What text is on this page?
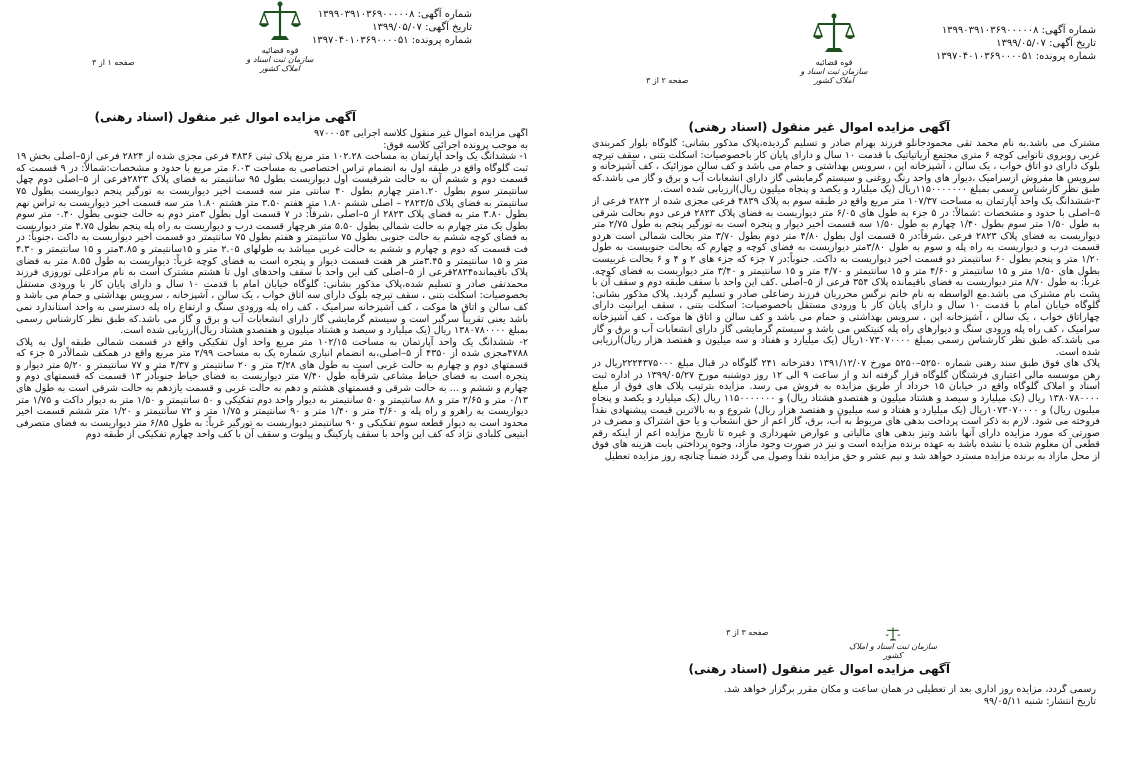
شماره آگهی: ۱۳۹۹۰۳۹۱۰۳۶۹۰۰۰۰۰۸
تاریخ آگهی: ۱۳۹۹/۰۵/۰۷
شماره پرونده: ۱۳۹۷۰۴۰۱۰۳۶۹۰۰۰۰۵۱
قوه قضائیه
سازمان ثبت اسناد و املاک کشور
صفحه ۱ از ۳
آگهی مزایده اموال غیر منقول (اسناد رهنی)

آگهی مزایده اموال غیر منقول کلاسه اجرایی ۹۷۰۰۰۵۴

به موجب پرونده اجرائی کلاسه فوق:

۱- ششدانگ یک واحد آپارتمان به مساحت ۱۰۲.۲۸ متر مربع پلاک ثبتی ۴۸۳۶ فرعی مجزی شده از ۲۸۲۴ فرعی از۵–اصلی بخش ۱۹ ثبت گلوگاه واقع در طبقه اول به انضمام تراس اختصاصی به مساحت ۶.۰۳ متر مربع با حدود و مشخصات:شمالاً: در ۹ قسمت که قسمت دوم و ششم آن به حالت شرقیست اول دیواریست بطول ۹۵ سانتیمتر به فضای پلاک ۲۸۲۳فرعی از ۵–اصلی دوم چهل سانتیمتر سوم بطول ۱.۲۰متر چهارم بطول ۴۰ سانتی متر سه قسمت اخیر دیواریست به تورگیر پنجم دیواریست بطول ۷۵ سانتیمتر به فضای پلاک ۲۸۲۳/۵ – اصلی ششم ۱.۸۰ متر هفتم ۳.۵۰ متر هشتم ۱.۸۰ متر سه قسمت اخیر دیواریست به تراس نهم بطول ۳.۸۰ متر به فضای پلاک ۲۸۲۳ از ۵–اصلی ،شرقاً: در ۷ قسمت اول بطول ۳متر دوم به حالت جنوبی بطول ۰.۴۰ متر سوم بطول یک متر چهارم به حالت شمالی بطول ۵.۵۰ متر هرچهار قسمت درب و دیواریست به راه پله پنجم بطول ۴.۷۵ متر دیواریست به فضای کوچه ششم به حالت جنوبی بطول ۷۵ سانتیمتر و هفتم بطول ۷۵ سانتیمتر دو قسمت اخیر دیواریست به داکت ،جنوباً: در فت قسمت که دوم و چهارم و ششم به حالت غربی میباشد به طولهای ۲.۰۵ متر و ۱۵سانتیمتر و ۴.۸۵متر و ۱۵ سانتیمتر و ۴.۳۰ متر و ۱۵ سانتیمتر و ۳.۴۵متر هر هفت قسمت دیوار و پنجره است به فضای کوچه غرباً: دیواریست به طول ۸.۵۵ متر به فضای پلاک باقیمانده۲۸۲۴فرعی از ۵–اصلی کف این واحد با سقف واحدهای اول تا هشتم مشترک است به نام مرادعلی توروزی فرزند محمدتقی صادر و تسلیم شده،پلاک مذکور بشانی: گلوگاه خیابان امام با قدمت ۱۰ سال و دارای پایان کار با ورودی مستقل بخصوصیات: اسکلت بتنی ، سقف تیرچه بلوک دارای سه اتاق خواب ، یک سالن ، آشپزخانه ، سرویس بهداشتی و حمام می باشد و کف سالن و اتاق ها موکت ، کف آشپزخانه سرامیک ، کف راه پله ورودی سنگ و ارتفاع راه پله دسترسی به واحد استاندارد نمی باشد یعنی تقریباً سرگیر است و سیستم گرمایشی گاز دارای انشعابات آب و برق و گاز می باشد.که طبق نظر کارشناس رسمی بمبلغ ۱۳۸۰۷۸۰۰۰۰ ریال (یک میلیارد و سیصد و هشتاد میلیون و هفتصدو هشتاد ریال)ارزیابی شده است.

۲- ششدانگ یک واحد آپارتمان به مساحت ۱۰۲/۱۵ متر مربع واحد اول تفکیکی واقع در قسمت شمالی طبقه اول به پلاک ۴۷۸۸مجزی شده از ۴۳۵۰ از ۵–اصلی،به انضمام انباری شماره یک به مساحت ۲/۹۹ متر مربع واقع در همکف شمالاًدر ۵ جزء که قسمتهای دوم و چهارم به حالت غربی است به طول های ۳/۲۸ متر و ۲۰ سانتیمتر و ۴/۳۷ متر و ۷۷ سانتیمتر و ۵/۲۰ متر دیوار و پنجره است به فضای حیاط مشاعی شرقاًبه طول ۷/۴۰ متر دیواریست به فضای حیاط جنوباًدر ۱۳ قسمت که قسمتهای دوم و چهارم و ششم و ... به حالت شرقی و قسمتهای هشتم و دهم به حالت غربی و قسمت یازدهم به حالت شرقی است به طول های ۰/۱۳ متر و ۲/۶۵ متر و ۸۸ سانتیمتر و ۵۰ سانتیمتر به دیوار واحد دوم تفکیکی و ۵۰ سانتیمتر و ۱/۵۰ متر به دیوار داکت و ۱/۷۵ متر دیواریست به راهرو و راه پله و ۳/۶۰ متر و ۱/۴۰ متر و ۹۰ سانتیمتر و ۱/۷۵ متر و ۷۲ سانتیمتر و ۱/۲۰ متر ششم قسمت اخیر محدود است به دیوار قطعه سوم تفکیکی و ۹۰ سانتیمتر دیواریست به تورگیر غرباً: به طول ۶/۸۵ متر دیواریست به فضای متصرفی ابتیعی کلبادی نژاد که کف این واحد با سقف پارکینگ و پیلوت و سقف آن با کف واحد چهارم تفکیکی از طبقه دوم

شماره آگهی: ۱۳۹۹۰۳۹۱۰۳۶۹۰۰۰۰۰۸
تاریخ آگهی: ۱۳۹۹/۰۵/۰۷
شماره پرونده: ۱۳۹۷۰۴۰۱۰۳۶۹۰۰۰۰۵۱
قوه قضائیه
سازمان ثبت اسناد و املاک کشور
صفحه ۲ از ۳
آگهی مزایده اموال غیر منقول (اسناد رهنی)

مشترک می باشد.به نام محمد تقی محمودجانلو فرزند بهرام صادر و تسلیم گردیده،پلاک مذکور بشانی: گلوگاه بلوار کمربندی غربی روبروی تانوایی کوچه ۶ متری مجتمع آریاتیاتیک با قدمت ۱۰ سال و دارای پایان کار باخصوصیات: اسکلت بتنی ، سقف تیرچه بلوک دارای دو اتاق خواب ، یک سالن ، آشپزخانه اپن ، سرویس بهداشتی و حمام می باشد و کف سالن موزائیک ، کف آشپزخانه و سرویس ها مفروش ازسرامیک ،دیوار های واحد رنگ روغنی و سیستم گرمایشی گاز دارای انشعابات آب و برق و گاز می باشد.که طبق نظر کارشناس رسمی بمبلغ ۱۱۵۰۰۰۰۰۰۰ریال (یک میلیارد و یکصد و پنجاه میلیون ریال)ارزیابی شده است.

۳-ششدانگ یک واحد آپارتمان به مساحت ۱۰۷/۳۷ متر مربع واقع در طبقه سوم به پلاک ۴۸۳۹ فرعی مجزی شده از ۲۸۲۴ فرعی از ۵–اصلی با حدود و مشخصات :شمالاً: در ۵ جزء به طول های ۶/۰۵ متر دیواریست به فضای پلاک ۲۸۲۳ فرعی دوم بحالت شرقی به طول ۱/۵۰ متر سوم بطول ۱/۴۰ چهارم به طول ۱/۵۰ سه قسمت اخیر دیوار و پنجره است به تورگیر پنجم به طول ۲/۷۵ متر دیواریست به فضای پلاک ۲۸۲۳ فرعی ،شرقاً:در ۵ قسمت اول بطول ۴/۸۰ متر دوم بطول ۳/۷۰ متر بحالت شمالی است هردو قسمت درب و دیواریست به راه پله و سوم به طول ۳/۸۰متر دیواریست به فضای کوچه و چهارم که بحالت جنوبیست به طول ۱/۲۰ متر و پنجم بطول ۶۰ سانتیمتر دو قسمت اخیر دیواریست به داکت. جنوباً:در ۷ جزء که جزء های ۲ و ۴ و ۶ بحالت غربیست بطول های ۱/۵۰ متر و ۱۵ سانتیمتر و ۴/۶۰ متر و ۱۵ سانتیمتر و ۴/۷۰ متر و ۱۵ سانتیمتر و ۳/۴۰ متر دیواریست به فضای کوچه. غرباً: به طول ۸/۷۰ متر دیواریست به فضای باقیمانده پلاک ۳۵۴ فرعی از ۵–اصلی .کف این واحد با سقف طبقه دوم و سقف آن با پشت بام مشترک می باشد.مع الواسطه به نام خانم نرگس محرریان فرزند رضاعلی صادر و تسلیم گردید. پلاک مذکور بشانی: گلوگاه خیابان امام با قدمت ۱۰ سال و دارای پایان کار با ورودی مستقل باخصوصیات: اسکلت بتنی ، سقف ایرانیت دارای چهاراتاق خواب ، یک سالن ، آشپزخانه اپن ، سرویس بهداشتی و حمام می باشد و کف سالن و اتاق ها موکت ، کف آشپزخانه سرامیک ، کف راه پله ورودی سنگ و دیوارهای راه پله کنیتکس می باشد و سیستم گرمایشی گاز دارای انشعابات آب و برق و گاز می باشد.که طبق نظر کارشناس رسمی بمبلغ ۱۰۷۳۰۷۰۰۰۰ریال (یک میلیارد و هفتاد و سه میلیون و هفتصد هزار ریال)ارزیابی شده است.

پلاک های فوق طبق سند رهنی شماره ۵۲۵۰–۵۲۵۰ مورخ ۱۳۹۱/۱۲/۰۷ دفترخانه ۲۴۱ گلوگاه در قبال مبلغ ۲۲۲۴۳۷۵۰۰۰ریال در رهن موسسه مالی اعتباری فرشتگان گلوگاه قرار گرفته اند و از ساعت ۹ الی ۱۲ روز دوشنبه مورخ ۱۳۹۹/۰۵/۲۷ در اداره ثبت اسناد و املاک گلوگاه واقع در خیابان ۱۵ خرداد از طریق مزایده به فروش می رسد. مزایده بترتیب پلاک های فوق از مبلغ ۱۳۸۰۷۸۰۰۰۰ ریال (یک میلیارد و سیصد و هشتاد میلیون و هفتصدو هشتاد ریال) و ۱۱۵۰۰۰۰۰۰۰ ریال (یک میلیارد و یکصد و پنجاه میلیون ریال) و ۱۰۷۳۰۷۰۰۰۰ریال (یک میلیارد و هفتاد و سه میلیون و هفتصد هزار ریال) شروع و به بالاترین قیمت پیشنهادی نقداً فروخته می شود. لازم به ذکر است پرداخت بدهی های مربوط به آب، برق، گاز اعم از حق انشعاب و یا حق اشتراک و مصرف در صورتی که مورد مزایده دارای آنها باشد وتیز بدهی های مالیاتی و عوارض شهرداری و غیره تا تاریخ مزایده اعم از اینکه رقم قطعی آن معلوم شده یا نشده باشد به عهده برنده مزایده است و نیز در صورت وجود مازاد، وجوه پرداختی بابت هزینه های فوق از محل مازاد به برنده مزایده مسترد خواهد شد و نیم عشر و حق مزایده نقداً وصول می گردد ضمناً چنانچه روز مزایده تعطیل

صفحه ۳ از ۳
سازمان ثبت اسناد و املاک کشور
آگهی مزایده اموال غیر منقول (اسناد رهنی)

رسمی گردد، مزایده روز اداری بعد از تعطیلی در همان ساعت و مکان مقرر برگزار خواهد شد.

تاریخ انتشار: شنبه ۹۹/۰۵/۱۱
